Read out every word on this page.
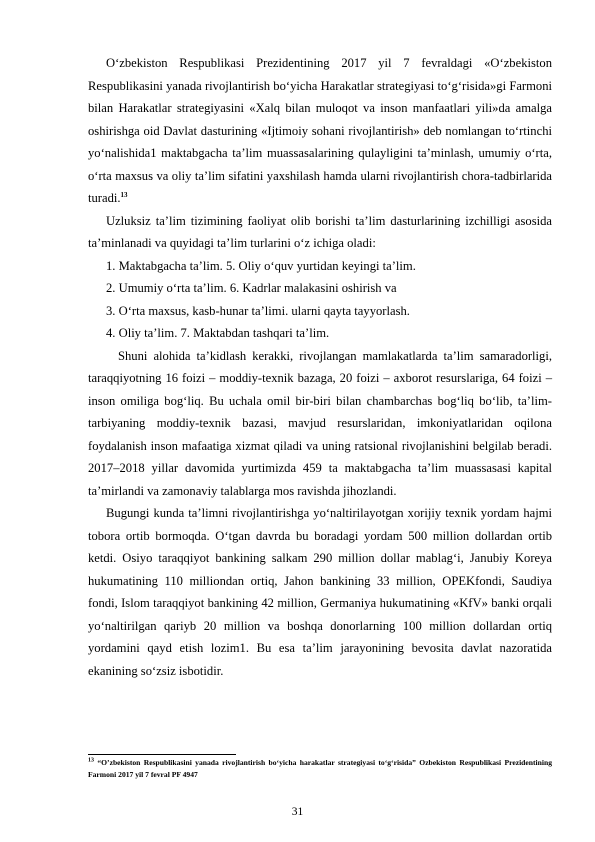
O‘zbekiston Respublikasi Prezidentining 2017 yil 7 fevraldagi «O‘zbekiston Respublikasini yanada rivojlantirish bo‘yicha Harakatlar strategiyasi to‘g‘risida»gi Farmoni bilan Harakatlar strategiyasini «Xalq bilan muloqot va inson manfaatlari yili»da amalga oshirishga oid Davlat dasturining «Ijtimoiy sohani rivojlantirish» deb nomlangan to‘rtinchi yo‘nalishida1 maktabgacha ta’lim muassasalarining qulayligini ta’minlash, umumiy o‘rta, o‘rta maxsus va oliy ta’lim sifatini yaxshilash hamda ularni rivojlantirish chora-tadbirlarida turadi.$^{13}$

Uzluksiz ta’lim tizimining faoliyat olib borishi ta’lim dasturlarining izchilligi asosida ta’minlanadi va quyidagi ta’lim turlarini o‘z ichiga oladi:

1. Maktabgacha ta’lim. 5. Oliy o‘quv yurtidan keyingi ta’lim.

2. Umumiy o‘rta ta’lim. 6. Kadrlar malakasini oshirish va

3. O‘rta maxsus, kasb-hunar ta’limi. ularni qayta tayyorlash.

4. Oliy ta’lim. 7. Maktabdan tashqari ta’lim.

Shuni alohida ta’kidlash kerakki, rivojlangan mamlakatlarda ta’lim samaradorligi, taraqqiyotning 16 foizi – moddiy-texnik bazaga, 20 foizi – axborot resurslariga, 64 foizi – inson omiliga bog‘liq. Bu uchala omil bir-biri bilan chambarchas bog‘liq bo‘lib, ta’lim-tarbiyaning moddiy-texnik bazasi, mavjud resurslaridan, imkoniyatlaridan oqilona foydalanish inson mafaatiga xizmat qiladi va uning ratsional rivojlanishini belgilab beradi. 2017–2018 yillar davomida yurtimizda 459 ta maktabgacha ta’lim muassasasi kapital ta’mirlandi va zamonaviy talablarga mos ravishda jihozlandi.

Bugungi kunda ta’limni rivojlantirishga yo‘naltirilayotgan xorijiy texnik yordam hajmi tobora ortib bormoqda. O‘tgan davrda bu boradagi yordam 500 million dollardan ortib ketdi. Osiyo taraqqiyot bankining salkam 290 million dollar mablag‘i, Janubiy Koreya hukumatining 110 milliondan ortiq, Jahon bankining 33 million, OPEKfondi, Saudiya fondi, Islom taraqqiyot bankining 42 million, Germaniya hukumatining «KfV» banki orqali yo‘naltirilgan qariyb 20 million va boshqa donorlarning 100 million dollardan ortiq yordamini qayd etish lozim1. Bu esa ta’lim jarayonining bevosita davlat nazoratida ekanining so‘zsiz isbotidir.

$^{13}$ “O’zbekiston Respublikasini yanada rivojlantirish bo‘yicha harakatlar strategiyasi to‘g‘risida” Ozbekiston Respublikasi Prezidentining Farmoni 2017 yil 7 fevral PF 4947
31
